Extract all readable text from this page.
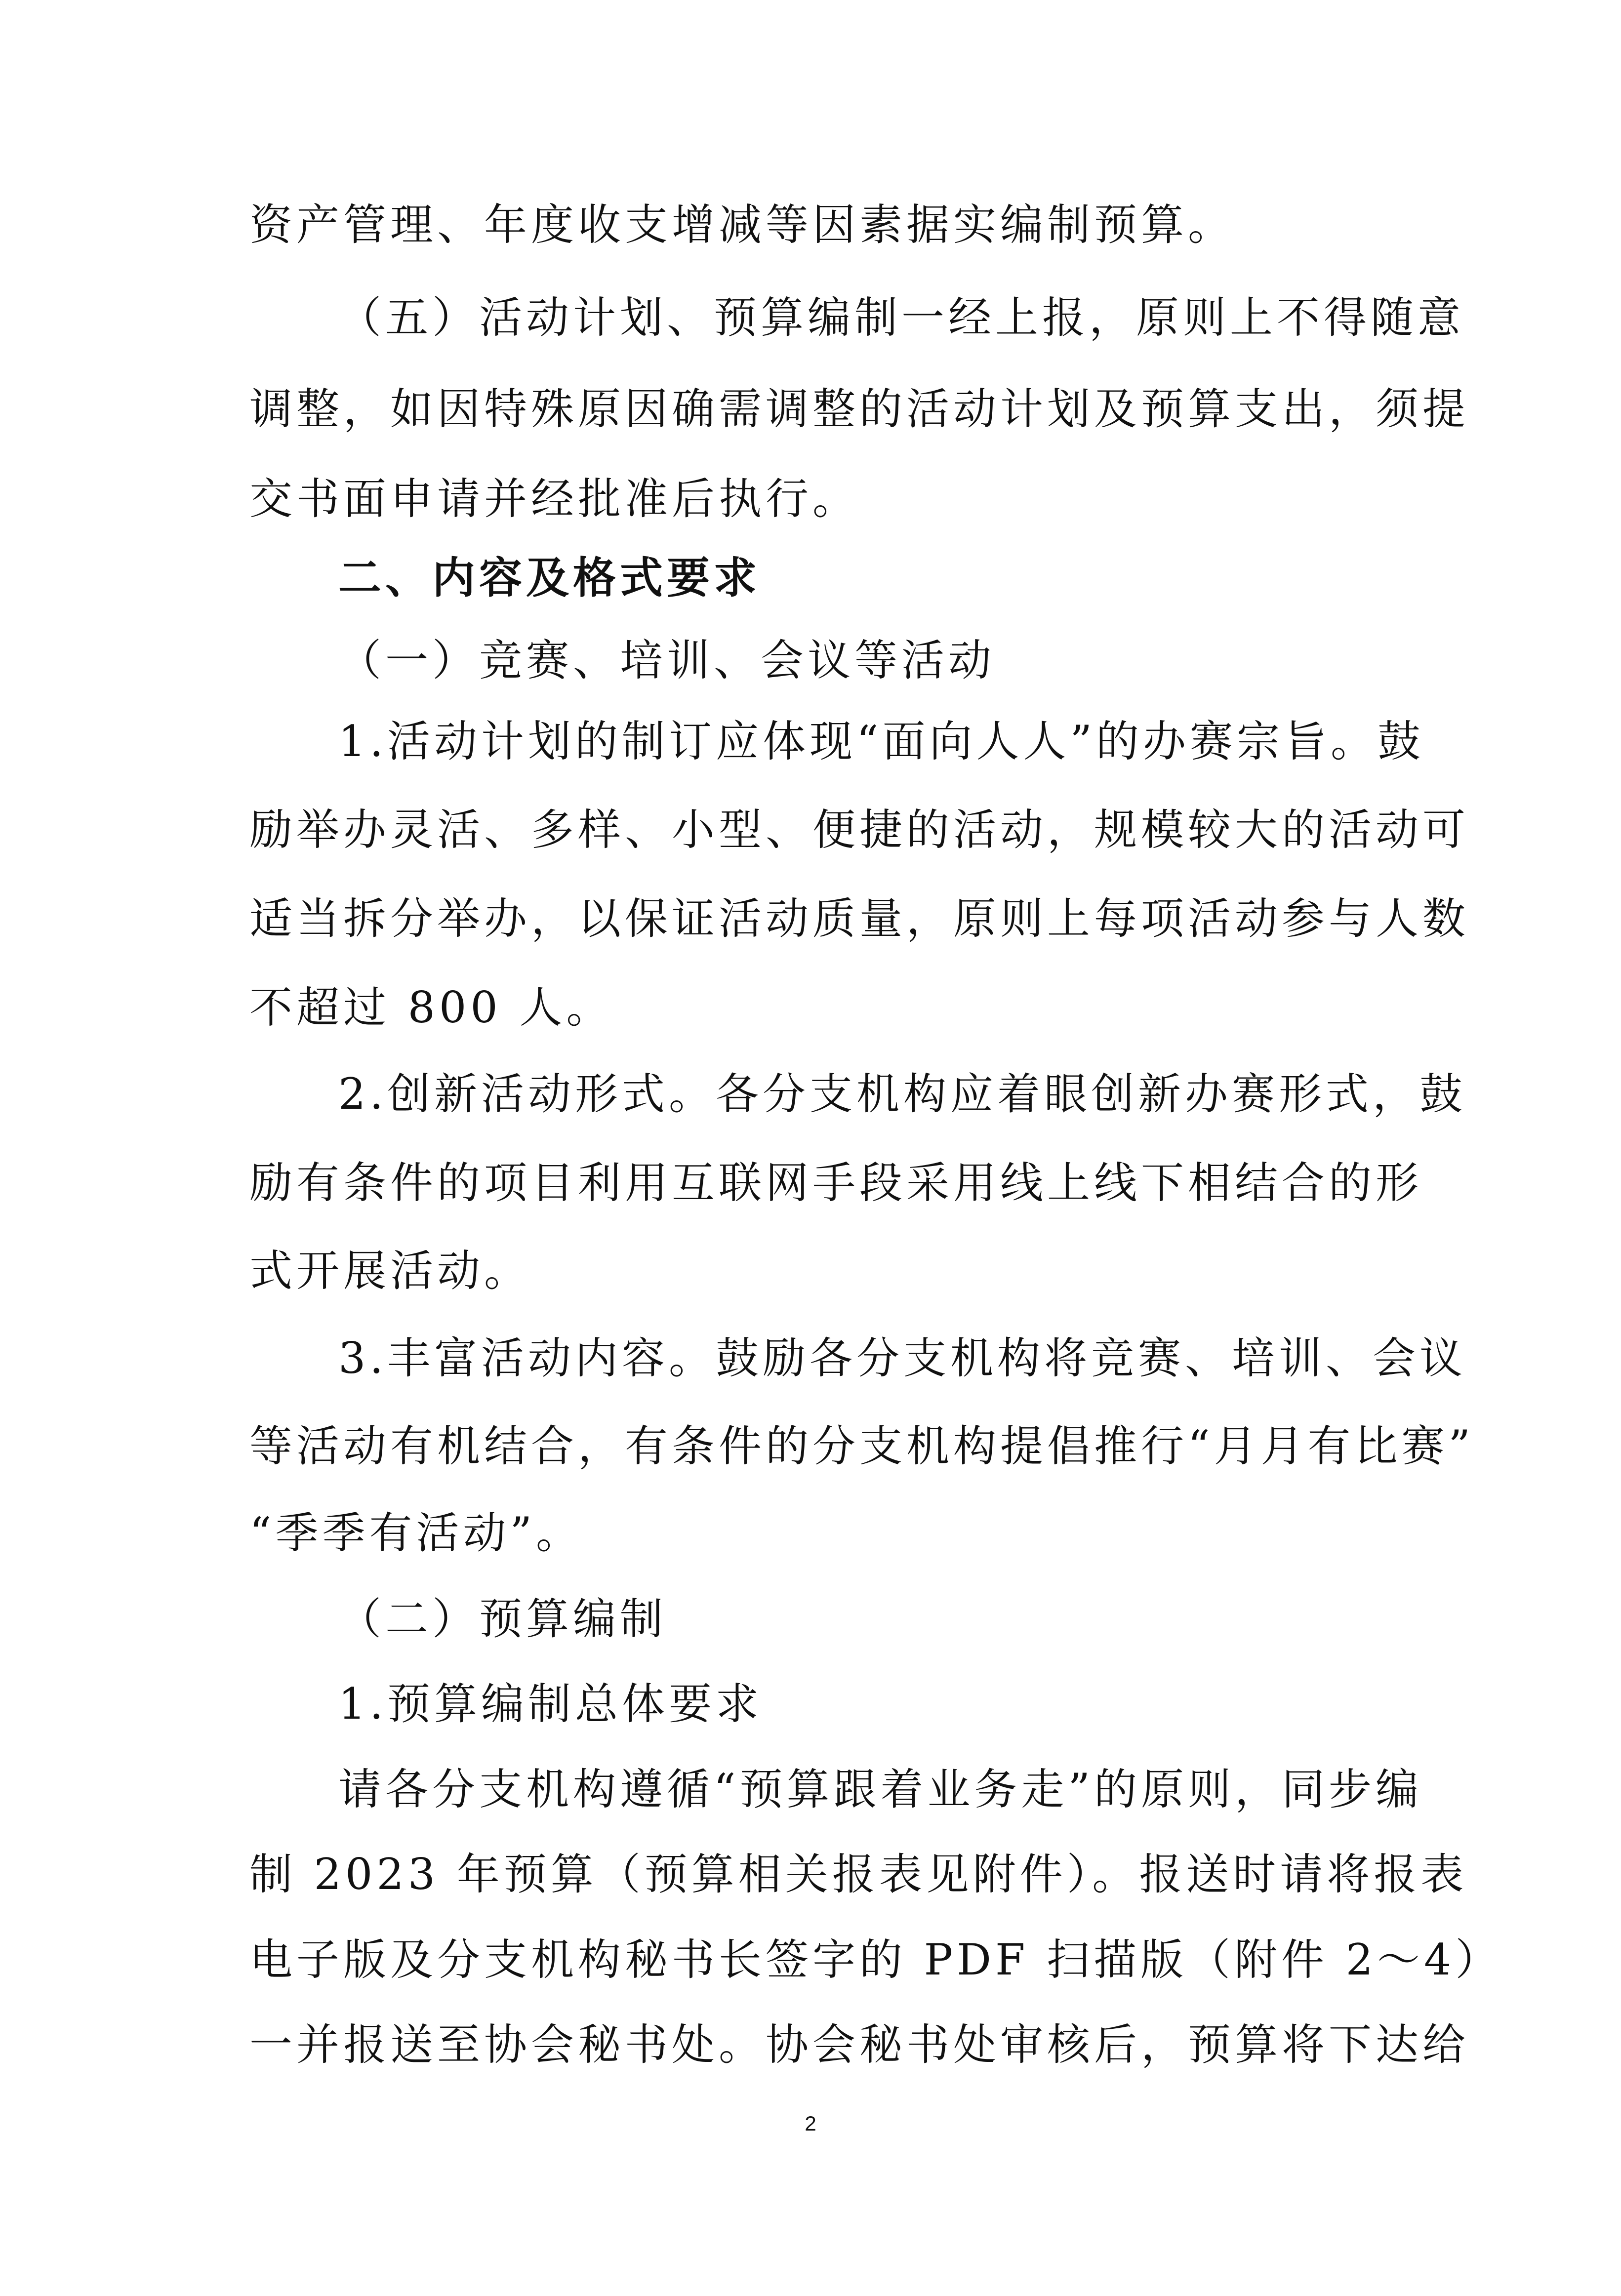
资产管理、年度收支增减等因素据实编制预算。
（五）活动计划、预算编制一经上报，原则上不得随意
调整，如因特殊原因确需调整的活动计划及预算支出，须提
交书面申请并经批准后执行。
二、内容及格式要求
（一）竞赛、培训、会议等活动
1.活动计划的制订应体现“面向人人”的办赛宗旨。鼓
励举办灵活、多样、小型、便捷的活动，规模较大的活动可
适当拆分举办，以保证活动质量，原则上每项活动参与人数
不超过 800 人。
2.创新活动形式。各分支机构应着眼创新办赛形式，鼓
励有条件的项目利用互联网手段采用线上线下相结合的形
式开展活动。
3.丰富活动内容。鼓励各分支机构将竞赛、培训、会议
等活动有机结合，有条件的分支机构提倡推行“月月有比赛”
“季季有活动”。
（二）预算编制
1.预算编制总体要求
请各分支机构遵循“预算跟着业务走”的原则，同步编
制 2023 年预算（预算相关报表见附件）。报送时请将报表
电子版及分支机构秘书长签字的 PDF 扫描版（附件 2～4）
一并报送至协会秘书处。协会秘书处审核后，预算将下达给
2
